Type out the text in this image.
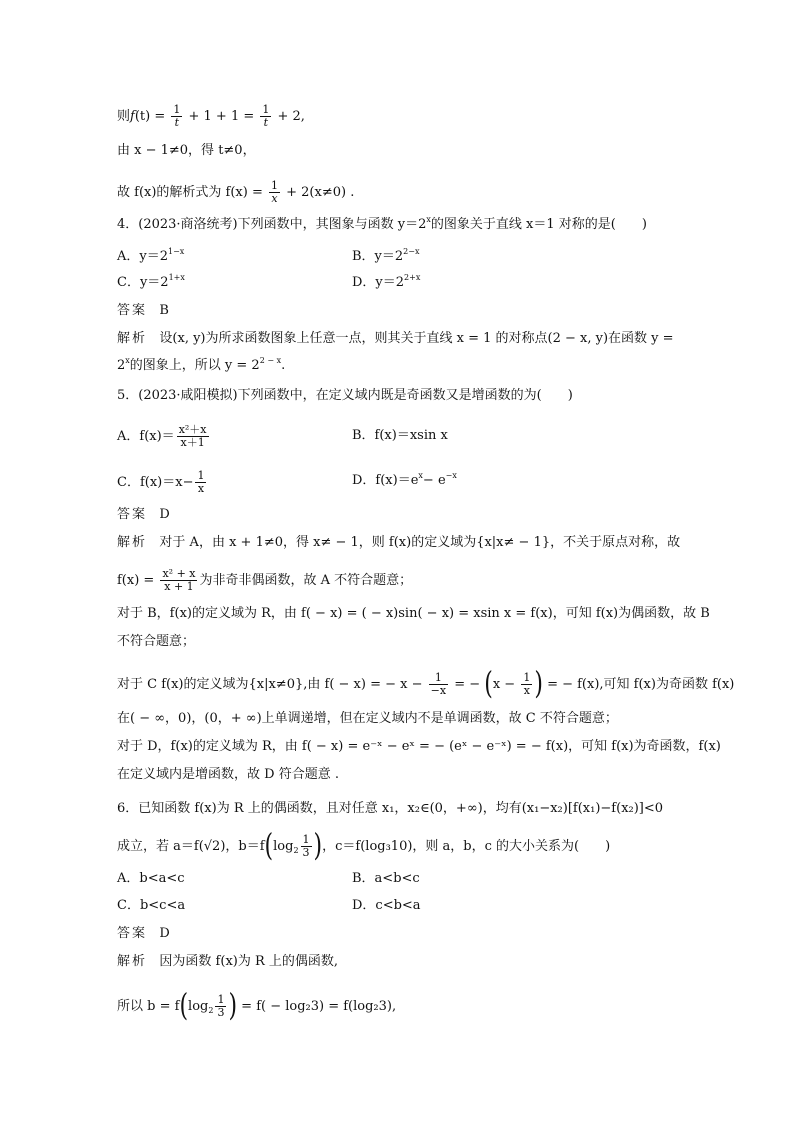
则$f(t) = \frac{1}{t} + 1 + 1 = \frac{1}{t} + 2$,
由 x − 1≠0，得 t≠0，
故 f(x)的解析式为 $f(x) = \frac{1}{x} + 2(x\ne 0)$ .
4．(2023·商洛统考)下列函数中，其图象与函数 $y=2^x$的图象关于直线 x＝1 对称的是(　　)
A．$y=2^{1-x}$	B．$y=2^{2-x}$
C．$y=2^{1+x}$	D．$y=2^{2+x}$
答案 B
解析 设(x, y)为所求函数图象上任意一点，则其关于直线 x = 1 的对称点(2 − x, y)在函数 y =
$2^x$的图象上，所以 $y = 2^{2 - x}$.
5．(2023·咸阳模拟)下列函数中，在定义域内既是奇函数又是增函数的为(　　)
A．$f(x)= \frac{\text{x²＋x}}{x+1}$	B．f(x)＝xsin x
C．$f(x)=x- \frac{1}{x}$	D．$f(x)=e^x- e^{-x}$
答案 D
解析 对于 A，由 x + 1≠0，得 x≠ − 1，则 f(x)的定义域为{x|x≠ − 1}，不关于原点对称，故
$f(x) = \frac{\text{x² + x}}{x + 1}$ 为非奇非偶函数，故 A 不符合题意；
对于 B，f(x)的定义域为 R，由 f( − x) = ( − x)sin( − x) = xsin x = f(x)，可知 f(x)为偶函数，故 B
不符合题意；
对于 C f(x)的定义域为{x|x≠0},由 f( − x) = − $x - \frac{1}{-x}$ = − ($x - \frac{1}{x}$ ) = − f(x),可知 f(x)为奇函数 f(x)
在( − ∞，0)，(0，+ ∞)上单调递增，但在定义域内不是单调函数，故 C 不符合题意；
对于 D，f(x)的定义域为 R，由 f( − x) = e⁻ˣ − eˣ = − (eˣ − e⁻ˣ) = − f(x)，可知 f(x)为奇函数，f(x)
在定义域内是增函数，故 D 符合题意 .
6．已知函数 f(x)为 R 上的偶函数，且对任意 x₁，x₂∈(0，+∞)，均有(x₁−x₂)[f(x₁)−f(x₂)]<0
成立，若 a＝f(√2)，$b=f(\log_2 \frac{1}{3}$ )，c＝f(log₃10)，则 a，b，c 的大小关系为(　　)
A．b<a<c	B．a<b<c
C．b<c<a	D．c<b<a
答案 D
解析 因为函数 f(x)为 R 上的偶函数,
所以 $b = f(\log_2 \frac{1}{3}$ ) = f( − log₂3) = f(log₂3),
